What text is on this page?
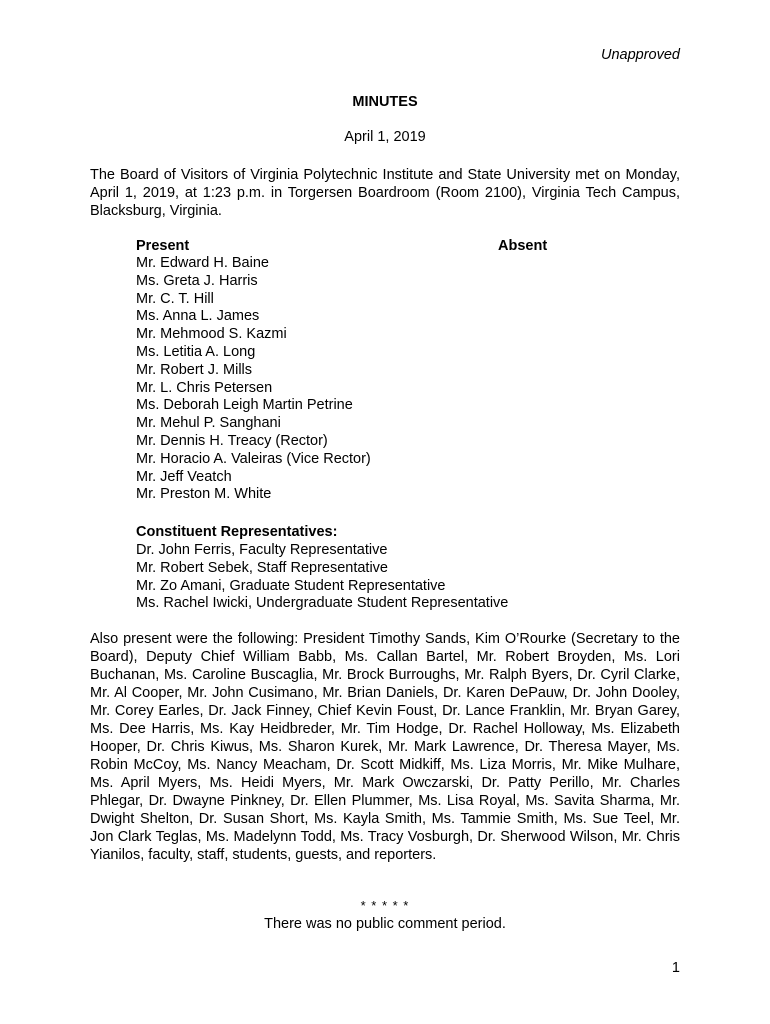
Unapproved
MINUTES
April 1, 2019

The Board of Visitors of Virginia Polytechnic Institute and State University met on Monday, April 1, 2019, at 1:23 p.m. in Torgersen Boardroom (Room 2100), Virginia Tech Campus, Blacksburg, Virginia.

Present	Absent
Mr. Edward H. Baine
Ms. Greta J. Harris
Mr. C. T. Hill
Ms. Anna L. James
Mr. Mehmood S. Kazmi
Ms. Letitia A. Long
Mr. Robert J. Mills
Mr. L. Chris Petersen
Ms. Deborah Leigh Martin Petrine
Mr. Mehul P. Sanghani
Mr. Dennis H. Treacy (Rector)
Mr. Horacio A. Valeiras (Vice Rector)
Mr. Jeff Veatch
Mr. Preston M. White
Constituent Representatives:
Dr. John Ferris, Faculty Representative
Mr. Robert Sebek, Staff Representative
Mr. Zo Amani, Graduate Student Representative
Ms. Rachel Iwicki, Undergraduate Student Representative

Also present were the following: President Timothy Sands, Kim O’Rourke (Secretary to the Board), Deputy Chief William Babb, Ms. Callan Bartel, Mr. Robert Broyden, Ms. Lori Buchanan, Ms. Caroline Buscaglia, Mr. Brock Burroughs, Mr. Ralph Byers, Dr. Cyril Clarke, Mr. Al Cooper, Mr. John Cusimano, Mr. Brian Daniels, Dr. Karen DePauw, Dr. John Dooley, Mr. Corey Earles, Dr. Jack Finney, Chief Kevin Foust, Dr. Lance Franklin, Mr. Bryan Garey, Ms. Dee Harris, Ms. Kay Heidbreder, Mr. Tim Hodge, Dr. Rachel Holloway, Ms. Elizabeth Hooper, Dr. Chris Kiwus, Ms. Sharon Kurek, Mr. Mark Lawrence, Dr. Theresa Mayer, Ms. Robin McCoy, Ms. Nancy Meacham, Dr. Scott Midkiff, Ms. Liza Morris, Mr. Mike Mulhare, Ms. April Myers, Ms. Heidi Myers, Mr. Mark Owczarski, Dr. Patty Perillo, Mr. Charles Phlegar, Dr. Dwayne Pinkney, Dr. Ellen Plummer, Ms. Lisa Royal, Ms. Savita Sharma, Mr. Dwight Shelton, Dr. Susan Short, Ms. Kayla Smith, Ms. Tammie Smith, Ms. Sue Teel, Mr. Jon Clark Teglas, Ms. Madelynn Todd, Ms. Tracy Vosburgh, Dr. Sherwood Wilson, Mr. Chris Yianilos, faculty, staff, students, guests, and reporters.

* * * * *
There was no public comment period.
1
